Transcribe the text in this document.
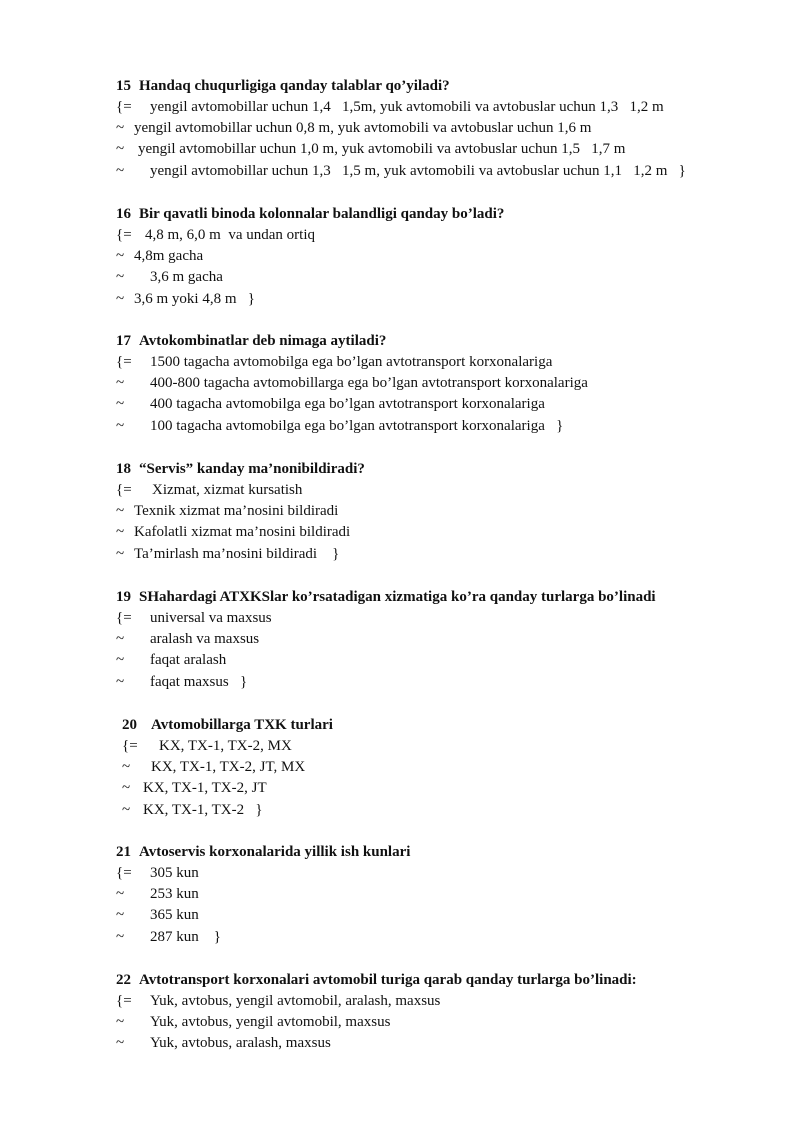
15 Handaq chuqurligiga qanday talablar qo’yiladi?
{= yengil avtomobillar uchun 1,4   1,5m, yuk avtomobili va avtobuslar uchun 1,3   1,2 m
~ yengil avtomobillar uchun 0,8 m, yuk avtomobili va avtobuslar uchun 1,6 m
~ yengil avtomobillar uchun 1,0 m, yuk avtomobili va avtobuslar uchun 1,5   1,7 m
~ yengil avtomobillar uchun 1,3   1,5 m, yuk avtomobili va avtobuslar uchun 1,1   1,2 m   }
16 Bir qavatli binoda kolonnalar balandligi qanday bo’ladi?
{= 4,8 m, 6,0 m  va undan ortiq
~ 4,8m gacha
~ 3,6 m gacha
~ 3,6 m yoki 4,8 m   }
17 Avtokombinatlar deb nimaga aytiladi?
{= 1500 tagacha avtomobilga ega bo’lgan avtotransport korxonalariga
~ 400-800 tagacha avtomobillarga ega bo’lgan avtotransport korxonalariga
~ 400 tagacha avtomobilga ega bo’lgan avtotransport korxonalariga
~ 100 tagacha avtomobilga ega bo’lgan avtotransport korxonalariga   }
18 “Servis” kanday ma’nonibildiradi?
{= Xizmat, xizmat kursatish
~ Texnik xizmat ma’nosini bildiradi
~ Kafolatli xizmat ma’nosini bildiradi
~ Ta’mirlash ma’nosini bildiradi    }
19 SHahardagi ATXKSlar ko’rsatadigan xizmatiga ko’ra qanday turlarga bo’linadi
{= universal va maxsus
~ aralash va maxsus
~ faqat aralash
~ faqat maxsus   }
20 Avtomobillarga TXK turlari
{= KX, TX-1, TX-2, MX
~ KX, TX-1, TX-2, JT, MX
~ KX, TX-1, TX-2, JT
~ KX, TX-1, TX-2   }
21 Avtoservis korxonalarida yillik ish kunlari
{= 305 kun
~ 253 kun
~ 365 kun
~ 287 kun    }
22 Avtotransport korxonalari avtomobil turiga qarab qanday turlarga bo’linadi:
{= Yuk, avtobus, yengil avtomobil, aralash, maxsus
~ Yuk, avtobus, yengil avtomobil, maxsus
~ Yuk, avtobus, aralash, maxsus
